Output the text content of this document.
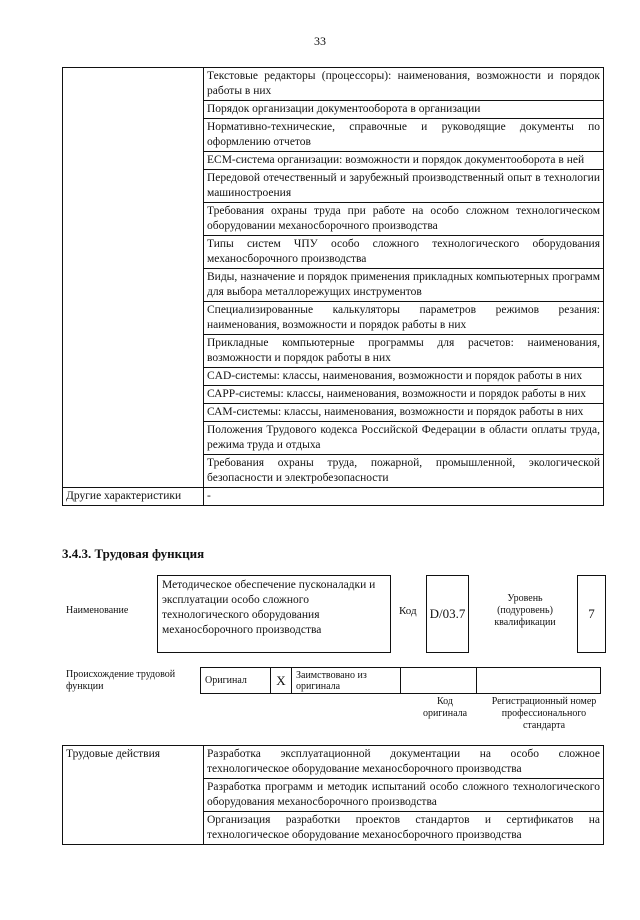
33
	Текстовые редакторы (процессоры): наименования, возможности и порядок работы в них
	Порядок организации документооборота в организации
	Нормативно-технические, справочные и руководящие документы по оформлению отчетов
	ЕСМ-система организации: возможности и порядок документооборота в ней
	Передовой отечественный и зарубежный производственный опыт в технологии машиностроения
	Требования охраны труда при работе на особо сложном технологическом оборудовании механосборочного производства
	Типы систем ЧПУ особо сложного технологического оборудования механосборочного производства
	Виды, назначение и порядок применения прикладных компьютерных программ для выбора металлорежущих инструментов
	Специализированные калькуляторы параметров режимов резания: наименования, возможности и порядок работы в них
	Прикладные компьютерные программы для расчетов: наименования, возможности и порядок работы в них
	CAD-системы: классы, наименования, возможности и порядок работы в них
	САРР-системы: классы, наименования, возможности и порядок работы в них
	САМ-системы: классы, наименования, возможности и порядок работы в них
	Положения Трудового кодекса Российской Федерации в области оплаты труда, режима труда и отдыха
	Требования охраны труда, пожарной, промышленной, экологической безопасности и электробезопасности
Другие характеристики	-
3.4.3. Трудовая функция
Наименование
Методическое обеспечение пусконаладки и эксплуатации особо сложного технологического оборудования механосборочного производства
Код D/03.7
Уровень (подуровень) квалификации
7
Происхождение трудовой функции
Оригинал X Заимствовано из оригинала
Код оригинала
Регистрационный номер профессионального стандарта
Трудовые действия	Разработка эксплуатационной документации на особо сложное технологическое оборудование механосборочного производства
Разработка программ и методик испытаний особо сложного технологического оборудования механосборочного производства
Организация разработки проектов стандартов и сертификатов на технологическое оборудование механосборочного производства
